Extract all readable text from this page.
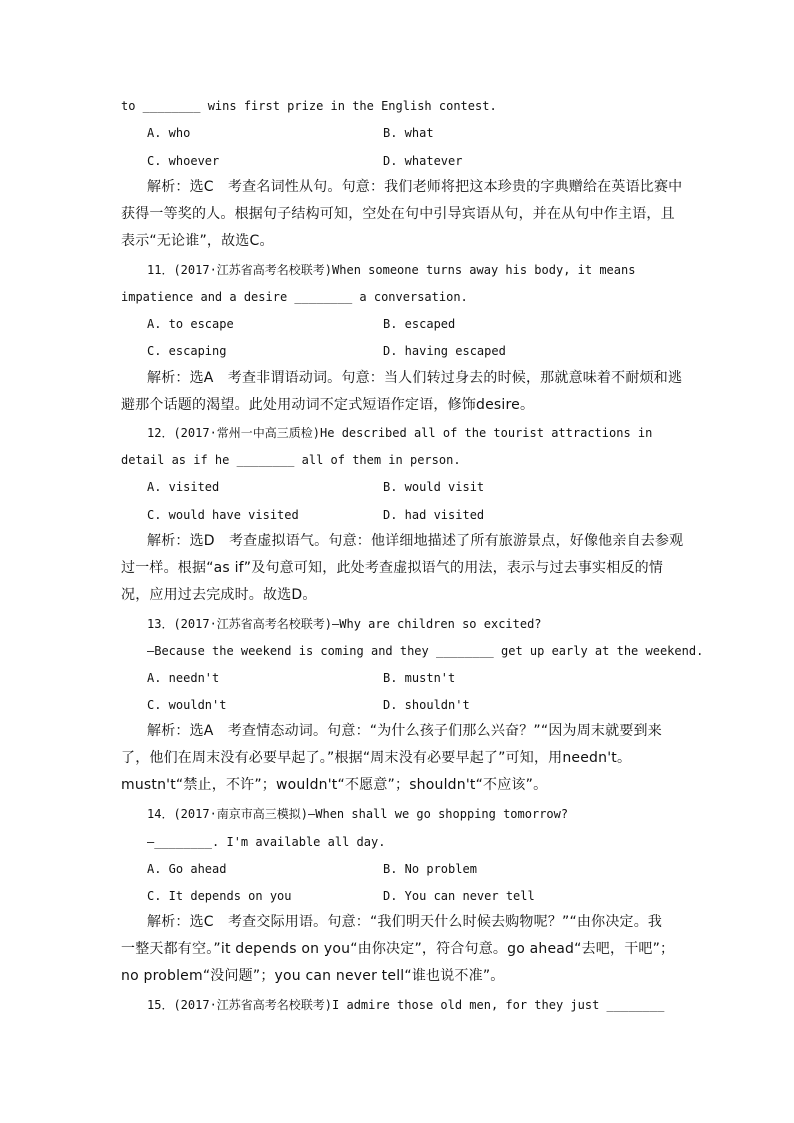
to ________ wins first prize in the English contest.
A. who	B. what
C. whoever	D. whatever
解析：选C　考查名词性从句。句意：我们老师将把这本珍贵的字典赠给在英语比赛中
获得一等奖的人。根据句子结构可知，空处在句中引导宾语从句，并在从句中作主语，且
表示“无论谁”，故选C。
11．(2017·江苏省高考名校联考)When someone turns away his body, it means
impatience and a desire ________ a conversation.
A. to escape	B. escaped
C. escaping	D. having escaped
解析：选A　考查非谓语动词。句意：当人们转过身去的时候，那就意味着不耐烦和逃
避那个话题的渴望。此处用动词不定式短语作定语，修饰desire。
12．(2017·常州一中高三质检)He described all of the tourist attractions in
detail as if he ________ all of them in person.
A. visited	B. would visit
C. would have visited	D. had visited
解析：选D　考查虚拟语气。句意：他详细地描述了所有旅游景点，好像他亲自去参观
过一样。根据“as if”及句意可知，此处考查虚拟语气的用法，表示与过去事实相反的情
况，应用过去完成时。故选D。
13．(2017·江苏省高考名校联考)—Why are children so excited?
—Because the weekend is coming and they ________ get up early at the weekend.
A. needn't	B. mustn't
C. wouldn't	D. shouldn't
解析：选A　考查情态动词。句意：“为什么孩子们那么兴奋？”“因为周末就要到来
了，他们在周末没有必要早起了。”根据“周末没有必要早起了”可知，用needn't。
mustn't“禁止，不许”；wouldn't“不愿意”；shouldn't“不应该”。
14．(2017·南京市高三模拟)—When shall we go shopping tomorrow?
—________. I'm available all day.
A. Go ahead	B. No problem
C. It depends on you	D. You can never tell
解析：选C　考查交际用语。句意：“我们明天什么时候去购物呢？”“由你决定。我
一整天都有空。”it depends on you“由你决定”，符合句意。go ahead“去吧，干吧”；
no problem“没问题”；you can never tell“谁也说不准”。
15．(2017·江苏省高考名校联考)I admire those old men, for they just ________
